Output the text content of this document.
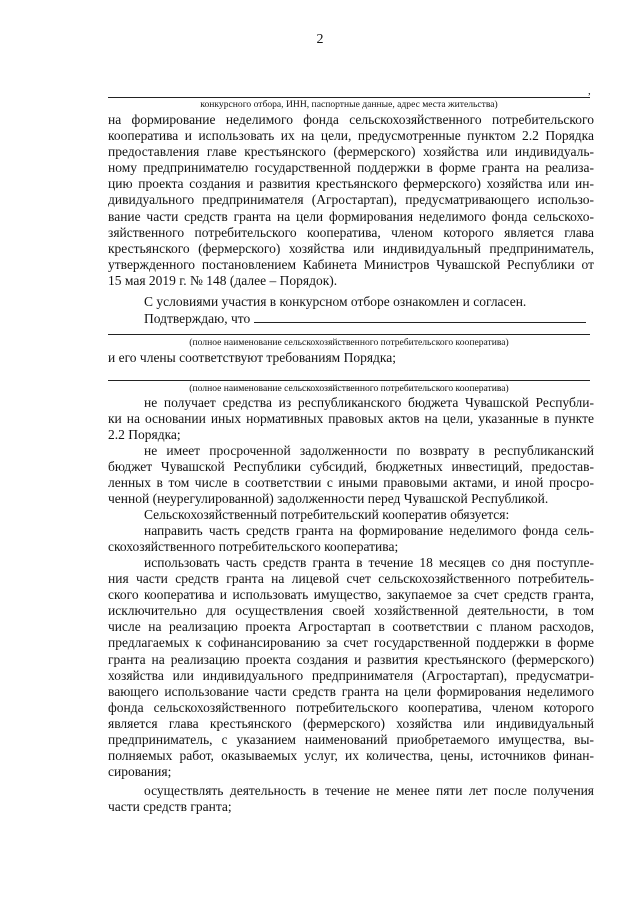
2
,
конкурсного отбора, ИНН, паспортные данные, адрес места жительства)
на формирование неделимого фонда сельскохозяйственного потребительского
кооператива и использовать их на цели, предусмотренные пунктом 2.2 Порядка
предоставления главе крестьянского (фермерского) хозяйства или индивидуаль-
ному предпринимателю государственной поддержки в форме гранта на реализа-
цию проекта создания и развития крестьянского фермерского) хозяйства или ин-
дивидуального предпринимателя (Агростартап), предусматривающего использо-
вание части средств гранта на цели формирования неделимого фонда сельскохо-
зяйственного потребительского кооператива, членом которого является глава
крестьянского (фермерского) хозяйства или индивидуальный предприниматель,
утвержденного постановлением Кабинета Министров Чувашской Республики от
15 мая 2019 г. № 148 (далее – Порядок).
С условиями участия в конкурсном отборе ознакомлен и согласен.
Подтверждаю, что
(полное наименование сельскохозяйственного потребительского кооператива)
и его члены соответствуют требованиям Порядка;
(полное наименование сельскохозяйственного потребительского кооператива)
не получает средства из республиканского бюджета Чувашской Республи-
ки на основании иных нормативных правовых актов на цели, указанные в пункте
2.2 Порядка;
не имеет просроченной задолженности по возврату в республиканский
бюджет Чувашской Республики субсидий, бюджетных инвестиций, предостав-
ленных в том числе в соответствии с иными правовыми актами, и иной просро-
ченной (неурегулированной) задолженности перед Чувашской Республикой.
Сельскохозяйственный потребительский кооператив обязуется:
направить часть средств гранта на формирование неделимого фонда сель-
скохозяйственного потребительского кооператива;
использовать часть средств гранта в течение 18 месяцев со дня поступле-
ния части средств гранта на лицевой счет сельскохозяйственного потребитель-
ского кооператива и использовать имущество, закупаемое за счет средств гранта,
исключительно для осуществления своей хозяйственной деятельности, в том
числе на реализацию проекта Агростартап в соответствии с планом расходов,
предлагаемых к софинансированию за счет государственной поддержки в форме
гранта на реализацию проекта создания и развития крестьянского (фермерского)
хозяйства или индивидуального предпринимателя (Агростартап), предусматри-
вающего использование части средств гранта на цели формирования неделимого
фонда сельскохозяйственного потребительского кооператива, членом которого
является глава крестьянского (фермерского) хозяйства или индивидуальный
предприниматель, с указанием наименований приобретаемого имущества, вы-
полняемых работ, оказываемых услуг, их количества, цены, источников финан-
сирования;
осуществлять деятельность в течение не менее пяти лет после получения
части средств гранта;
